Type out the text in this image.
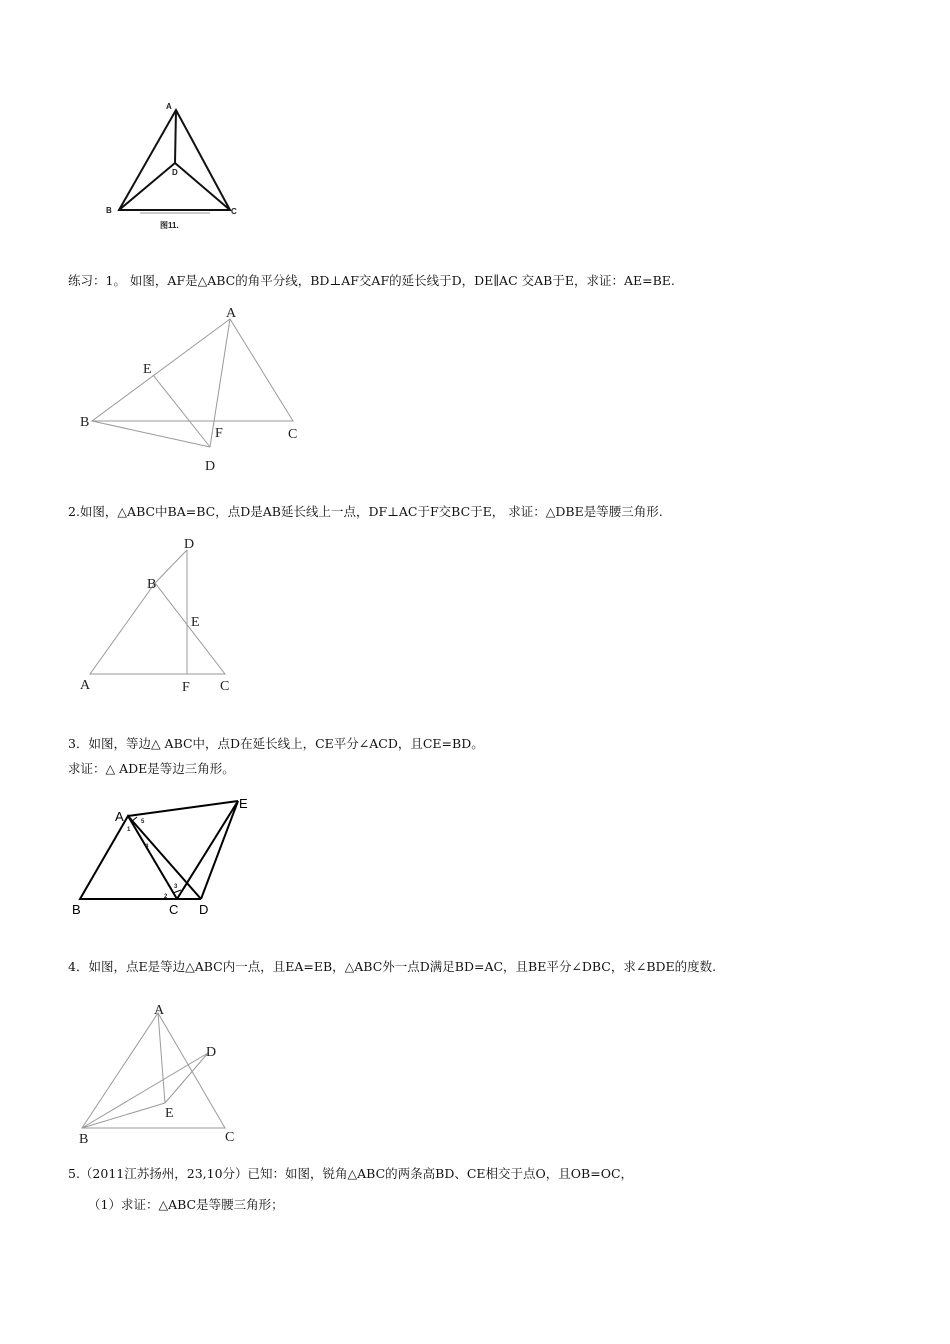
A
B	C
D
图11.
练习：1。 如图，AF是△ABC的角平分线，BD⊥AF交AF的延长线于D，DE∥AC 交AB于E，求证：AE=BE.
A
B
C
D
E
F
2.如图，△ABC中BA=BC，点D是AB延长线上一点，DF⊥AC于F交BC于E， 求证：△DBE是等腰三角形.
A
B
C
D
E
F
3．如图，等边△ ABC中，点D在延长线上，CE平分∠ACD，且CE=BD。
求证：△ ADE是等边三角形。
A
B	C D
E
1
2
3
4
5
4．如图，点E是等边△ABC内一点，且EA=EB，△ABC外一点D满足BD=AC，且BE平分∠DBC，求∠BDE的度数.
A
B	C
D
E
5.（2011江苏扬州，23,10分）已知：如图，锐角△ABC的两条高BD、CE相交于点O，且OB=OC，
（1）求证：△ABC是等腰三角形；
